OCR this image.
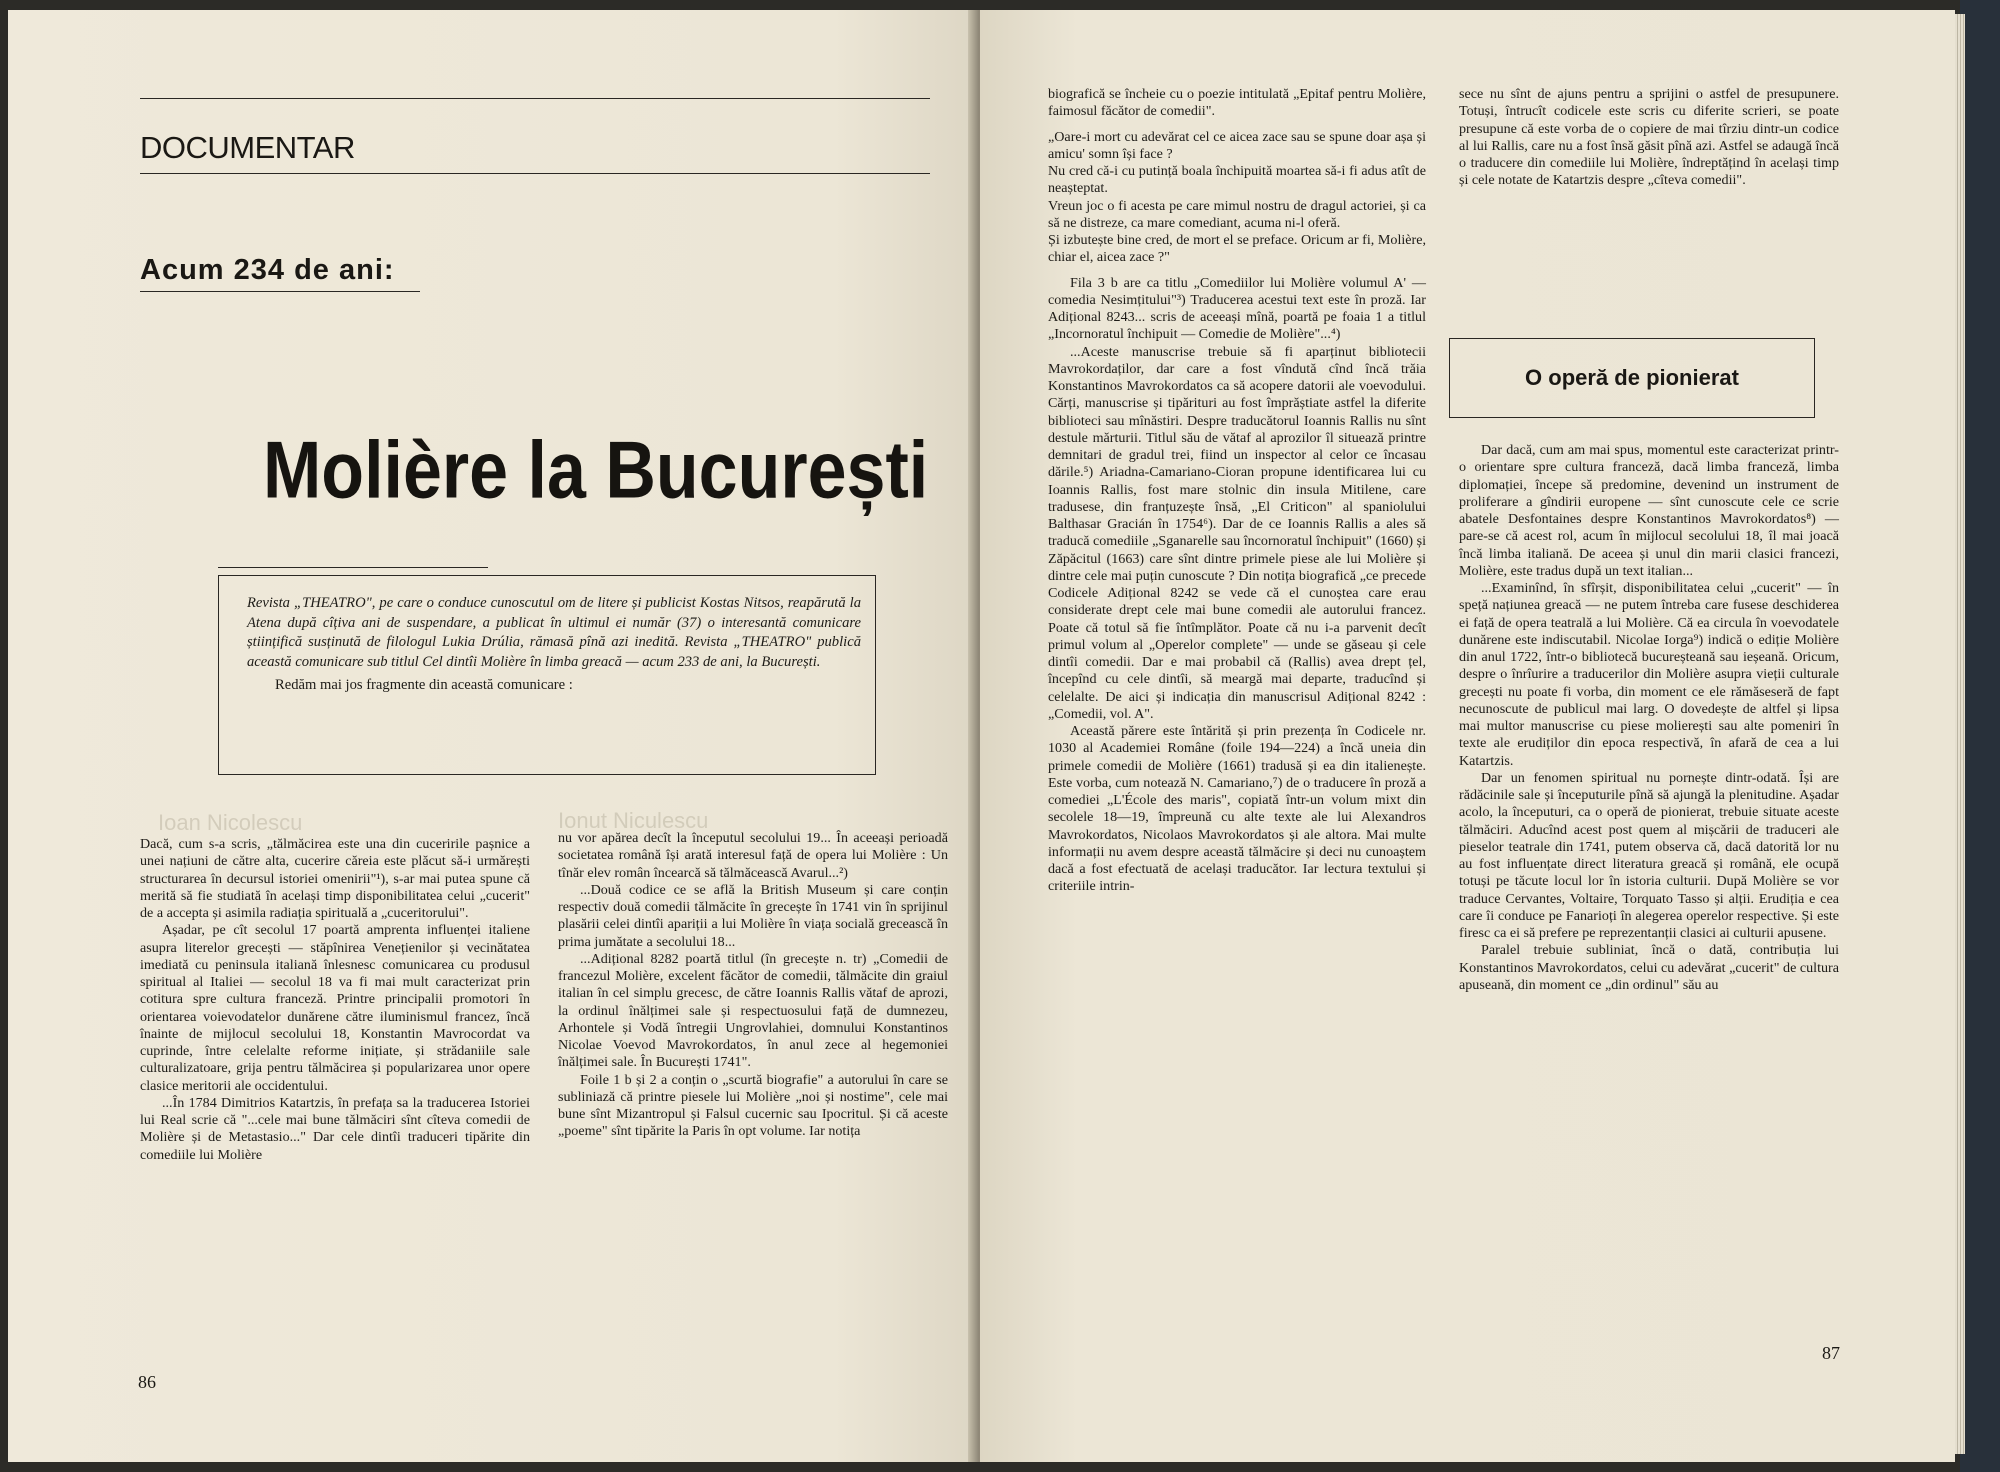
DOCUMENTAR
Acum 234 de ani:
Molière la București

Revista „THEATRO", pe care o conduce cunoscutul om de litere și publicist Kostas Nitsos, reapărută la Atena după cîțiva ani de suspendare, a publicat în ultimul ei număr (37) o interesantă comunicare științifică susținută de filologul Lukia Drúlia, rămasă pînă azi inedită. Revista „THEATRO" publică această comunicare sub titlul Cel dintîi Molière în limba greacă — acum 233 de ani, la București.

Redăm mai jos fragmente din această comunicare :

Ioan Nicolescu	Ionut Niculescu

Dacă, cum s-a scris, „tălmăcirea este una din cuceririle pașnice a unei națiuni de către alta, cucerire căreia este plăcut să-i urmărești structurarea în decursul istoriei omenirii"¹), s-ar mai putea spune că merită să fie studiată în același timp disponibilitatea celui „cucerit" de a accepta și asimila radiația spirituală a „cuceritorului".

Așadar, pe cît secolul 17 poartă amprenta influenței italiene asupra literelor grecești — stăpînirea Venețienilor și vecinătatea imediată cu peninsula italiană înlesnesc comunicarea cu produsul spiritual al Italiei — secolul 18 va fi mai mult caracterizat prin cotitura spre cultura franceză. Printre principalii promotori în orientarea voievodatelor dunărene către iluminismul francez, încă înainte de mijlocul secolului 18, Konstantin Mavrocordat va cuprinde, între celelalte reforme inițiate, și strădaniile sale culturalizatoare, grija pentru tălmăcirea și popularizarea unor opere clasice meritorii ale occidentului.

...În 1784 Dimitrios Katartzis, în prefața sa la traducerea Istoriei lui Real scrie că "...cele mai bune tălmăciri sînt cîteva comedii de Molière și de Metastasio..." Dar cele dintîi traduceri tipărite din comediile lui Molière

nu vor apărea decît la începutul secolului 19... În aceeași perioadă societatea română își arată interesul față de opera lui Molière : Un tînăr elev român încearcă să tălmăcească Avarul...²)

...Două codice ce se află la British Museum și care conțin respectiv două comedii tălmăcite în grecește în 1741 vin în sprijinul plasării celei dintîi apariții a lui Molière în viața socială grecească în prima jumătate a secolului 18...

...Adițional 8282 poartă titlul (în grecește n. tr) „Comedii de francezul Molière, excelent făcător de comedii, tălmăcite din graiul italian în cel simplu grecesc, de către Ioannis Rallis vătaf de aprozi, la ordinul înălțimei sale și respectuosului față de dumnezeu, Arhontele și Vodă întregii Ungrovlahiei, domnului Konstantinos Nicolae Voevod Mavrokordatos, în anul zece al hegemoniei înălțimei sale. În București 1741".

Foile 1 b și 2 a conțin o „scurtă biografie" a autorului în care se subliniază că printre piesele lui Molière „noi și nostime", cele mai bune sînt Mizantropul și Falsul cucernic sau Ipocritul. Și că aceste „poeme" sînt tipărite la Paris în opt volume. Iar notița

86

biografică se încheie cu o poezie intitulată „Epitaf pentru Molière, faimosul făcător de comedii".

„Oare-i mort cu adevărat cel ce aicea zace sau se spune doar așa și amicu' somn își face ?

Nu cred că-i cu putință boala închipuită moartea să-i fi adus atît de neașteptat.

Vreun joc o fi acesta pe care mimul nostru de dragul actoriei, și ca să ne distreze, ca mare comediant, acuma ni-l oferă.

Și izbutește bine cred, de mort el se preface. Oricum ar fi, Molière, chiar el, aicea zace ?"

Fila 3 b are ca titlu „Comediilor lui Molière volumul A' — comedia Nesimțitului"³) Traducerea acestui text este în proză. Iar Adițional 8243... scris de aceeași mînă, poartă pe foaia 1 a titlul „Incornoratul închipuit — Comedie de Molière"...⁴)

...Aceste manuscrise trebuie să fi aparținut bibliotecii Mavrokordaților, dar care a fost vîndută cînd încă trăia Konstantinos Mavrokordatos ca să acopere datorii ale voevodului. Cărți, manuscrise și tipărituri au fost împrăștiate astfel la diferite biblioteci sau mînăstiri. Despre traducătorul Ioannis Rallis nu sînt destule mărturii. Titlul său de vătaf al aprozilor îl situează printre demnitari de gradul trei, fiind un inspector al celor ce încasau dările.⁵) Ariadna-Camariano-Cioran propune identificarea lui cu Ioannis Rallis, fost mare stolnic din insula Mitilene, care tradusese, din franțuzește însă, „El Criticon" al spaniolului Balthasar Gracián în 1754⁶). Dar de ce Ioannis Rallis a ales să traducă comediile „Sganarelle sau încornoratul închipuit" (1660) și Zăpăcitul (1663) care sînt dintre primele piese ale lui Molière și dintre cele mai puțin cunoscute ? Din notița biografică „ce precede Codicele Adițional 8242 se vede că el cunoștea care erau considerate drept cele mai bune comedii ale autorului francez. Poate că totul să fie întîmplător. Poate că nu i-a parvenit decît primul volum al „Operelor complete" — unde se găseau și cele dintîi comedii. Dar e mai probabil că (Rallis) avea drept țel, începînd cu cele dintîi, să meargă mai departe, traducînd și celelalte. De aici și indicația din manuscrisul Adițional 8242 : „Comedii, vol. A".

Această părere este întărită și prin prezența în Codicele nr. 1030 al Academiei Române (foile 194—224) a încă uneia din primele comedii de Molière (1661) tradusă și ea din italienește. Este vorba, cum notează N. Camariano,⁷) de o traducere în proză a comediei „L'École des maris", copiată într-un volum mixt din secolele 18—19, împreună cu alte texte ale lui Alexandros Mavrokordatos, Nicolaos Mavrokordatos și ale altora. Mai multe informații nu avem despre această tălmăcire și deci nu cunoaștem dacă a fost efectuată de același traducător. Iar lectura textului și criteriile intrin-

sece nu sînt de ajuns pentru a sprijini o astfel de presupunere. Totuși, întrucît codicele este scris cu diferite scrieri, se poate presupune că este vorba de o copiere de mai tîrziu dintr-un codice al lui Rallis, care nu a fost însă găsit pînă azi. Astfel se adaugă încă o traducere din comediile lui Molière, îndreptățind în același timp și cele notate de Katartzis despre „cîteva comedii".

O operă de pionierat

Dar dacă, cum am mai spus, momentul este caracterizat printr-o orientare spre cultura franceză, dacă limba franceză, limba diplomației, începe să predomine, devenind un instrument de proliferare a gîndirii europene — sînt cunoscute cele ce scrie abatele Desfontaines despre Konstantinos Mavrokordatos⁸) — pare-se că acest rol, acum în mijlocul secolului 18, îl mai joacă încă limba italiană. De aceea și unul din marii clasici francezi, Molière, este tradus după un text italian...

...Examinînd, în sfîrșit, disponibilitatea celui „cucerit" — în speță națiunea greacă — ne putem întreba care fusese deschiderea ei față de opera teatrală a lui Molière. Că ea circula în voevodatele dunărene este indiscutabil. Nicolae Iorga⁹) indică o ediție Molière din anul 1722, într-o bibliotecă bucureșteană sau ieșeană. Oricum, despre o înrîurire a traducerilor din Molière asupra vieții culturale grecești nu poate fi vorba, din moment ce ele rămăseseră de fapt necunoscute de publicul mai larg. O dovedește de altfel și lipsa mai multor manuscrise cu piese molierești sau alte pomeniri în texte ale erudiților din epoca respectivă, în afară de cea a lui Katartzis.

Dar un fenomen spiritual nu pornește dintr-odată. Își are rădăcinile sale și începuturile pînă să ajungă la plenitudine. Așadar acolo, la începuturi, ca o operă de pionierat, trebuie situate aceste tălmăciri. Aducînd acest post quem al mișcării de traduceri ale pieselor teatrale din 1741, putem observa că, dacă datorită lor nu au fost influențate direct literatura greacă și română, ele ocupă totuși pe tăcute locul lor în istoria culturii. După Molière se vor traduce Cervantes, Voltaire, Torquato Tasso și alții. Erudiția e cea care îi conduce pe Fanarioți în alegerea operelor respective. Și este firesc ca ei să prefere pe reprezentanții clasici ai culturii apusene.

Paralel trebuie subliniat, încă o dată, contribuția lui Konstantinos Mavrokordatos, celui cu adevărat „cucerit" de cultura apuseană, din moment ce „din ordinul" său au

87
